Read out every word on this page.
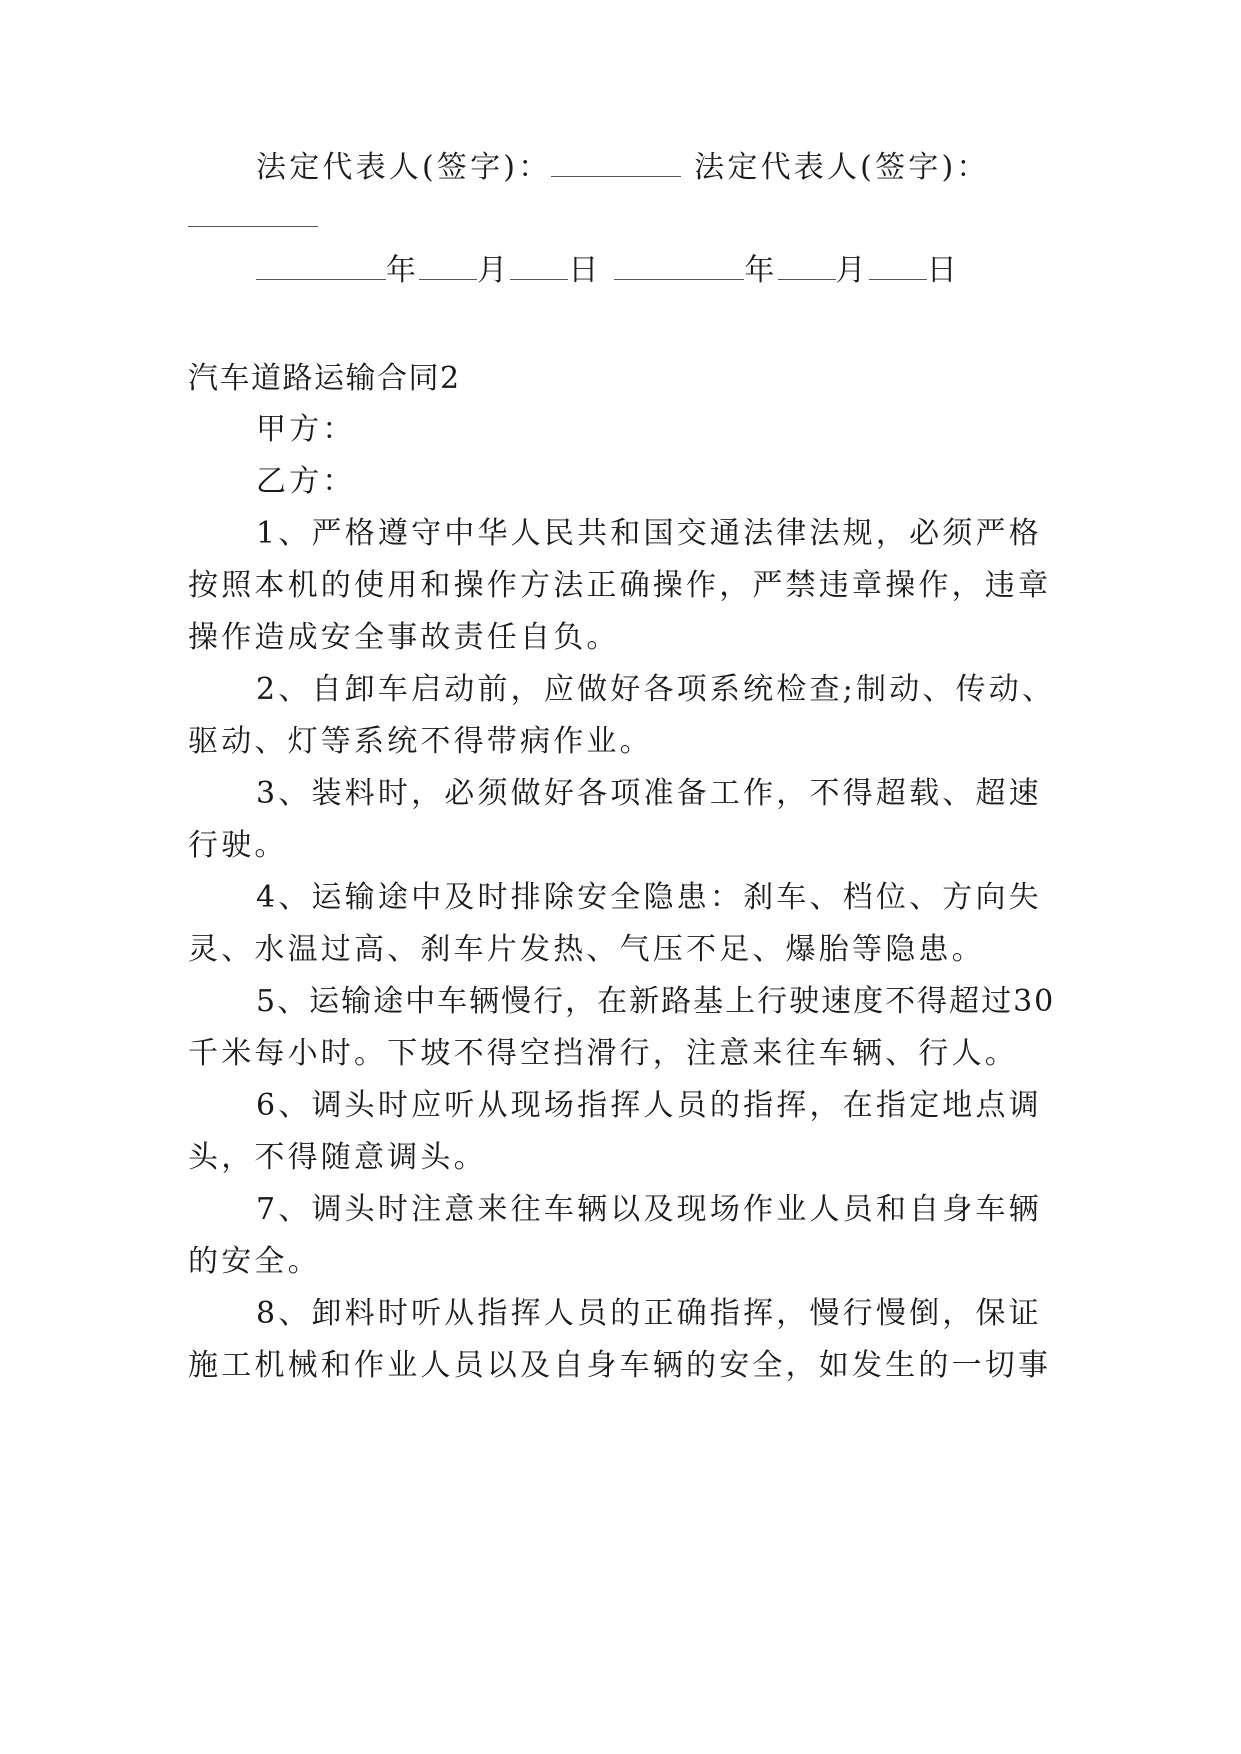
法定代表人(签字)：	法定代表人(签字)：
年 月 日	年 月 日
汽车道路运输合同2
甲方：
乙方：
1、严格遵守中华人民共和国交通法律法规，必须严格
按照本机的使用和操作方法正确操作，严禁违章操作，违章
操作造成安全事故责任自负。
2、自卸车启动前，应做好各项系统检查;制动、传动、
驱动、灯等系统不得带病作业。
3、装料时，必须做好各项准备工作，不得超载、超速
行驶。
4、运输途中及时排除安全隐患：刹车、档位、方向失
灵、水温过高、刹车片发热、气压不足、爆胎等隐患。
5、运输途中车辆慢行，在新路基上行驶速度不得超过30
千米每小时。下坡不得空挡滑行，注意来往车辆、行人。
6、调头时应听从现场指挥人员的指挥，在指定地点调
头，不得随意调头。
7、调头时注意来往车辆以及现场作业人员和自身车辆
的安全。
8、卸料时听从指挥人员的正确指挥，慢行慢倒，保证
施工机械和作业人员以及自身车辆的安全，如发生的一切事
